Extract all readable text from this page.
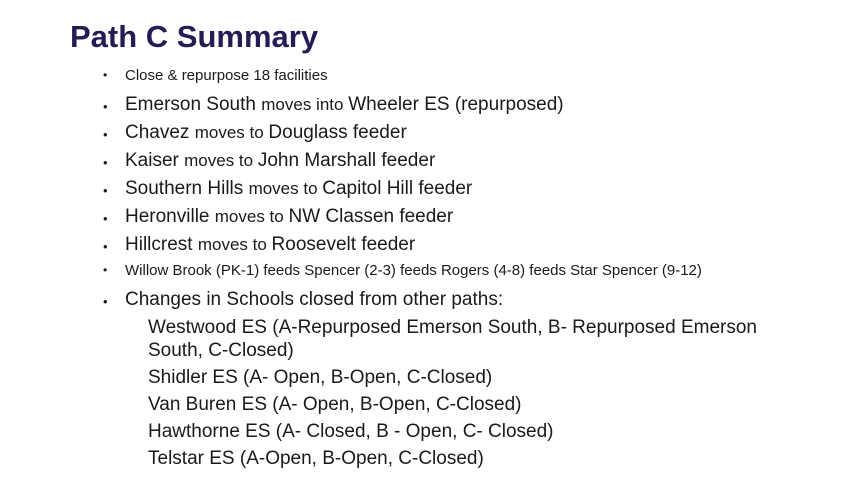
Path C Summary
• Close & repurpose 18 facilities
• Emerson South moves into Wheeler ES (repurposed)
• Chavez moves to Douglass feeder
• Kaiser moves to John Marshall feeder
• Southern Hills moves to Capitol Hill feeder
• Heronville moves to NW Classen feeder
• Hillcrest moves to Roosevelt feeder
• Willow Brook (PK-1) feeds Spencer (2-3) feeds Rogers (4-8) feeds Star Spencer (9-12)
• Changes in Schools closed from other paths:
Westwood ES (A-Repurposed Emerson South, B- Repurposed Emerson South, C-Closed)
Shidler ES (A- Open, B-Open, C-Closed)
Van Buren ES (A- Open, B-Open, C-Closed)
Hawthorne ES (A- Closed, B - Open, C- Closed)
Telstar ES (A-Open, B-Open, C-Closed)
